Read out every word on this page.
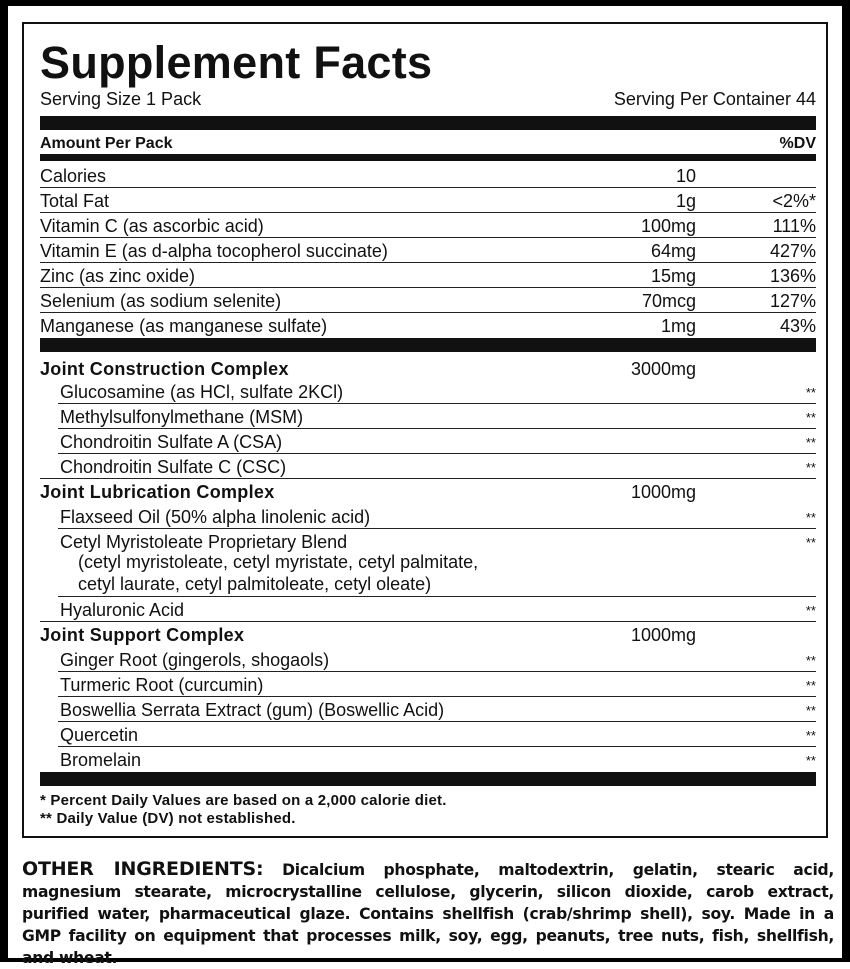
Supplement Facts
Serving Size 1 Pack	Serving Per Container 44
Amount Per Pack	%DV
Calories	10
Total Fat	1g	<2%*
Vitamin C (as ascorbic acid)	100mg	111%
Vitamin E (as d-alpha tocopherol succinate)	64mg	427%
Zinc (as zinc oxide)	15mg	136%
Selenium (as sodium selenite)	70mcg	127%
Manganese (as manganese sulfate)	1mg	43%
Joint Construction Complex	3000mg
Glucosamine (as HCl, sulfate 2KCl)	**
Methylsulfonylmethane (MSM)	**
Chondroitin Sulfate A (CSA)	**
Chondroitin Sulfate C (CSC)	**
Joint Lubrication Complex	1000mg
Flaxseed Oil (50% alpha linolenic acid)	**
Cetyl Myristoleate Proprietary Blend	**
(cetyl myristoleate, cetyl myristate, cetyl palmitate,
cetyl laurate, cetyl palmitoleate, cetyl oleate)
Hyaluronic Acid	**
Joint Support Complex	1000mg
Ginger Root (gingerols, shogaols)	**
Turmeric Root (curcumin)	**
Boswellia Serrata Extract (gum) (Boswellic Acid)	**
Quercetin	**
Bromelain	**
* Percent Daily Values are based on a 2,000 calorie diet.
** Daily Value (DV) not established.
OTHER INGREDIENTS: Dicalcium phosphate, maltodextrin, gelatin, stearic acid, magnesium stearate, microcrystalline cellulose, glycerin, silicon dioxide, carob extract, purified water, pharmaceutical glaze. Contains shellfish (crab/shrimp shell), soy. Made in a GMP facility on equipment that processes milk, soy, egg, peanuts, tree nuts, fish, shellfish, and wheat.
